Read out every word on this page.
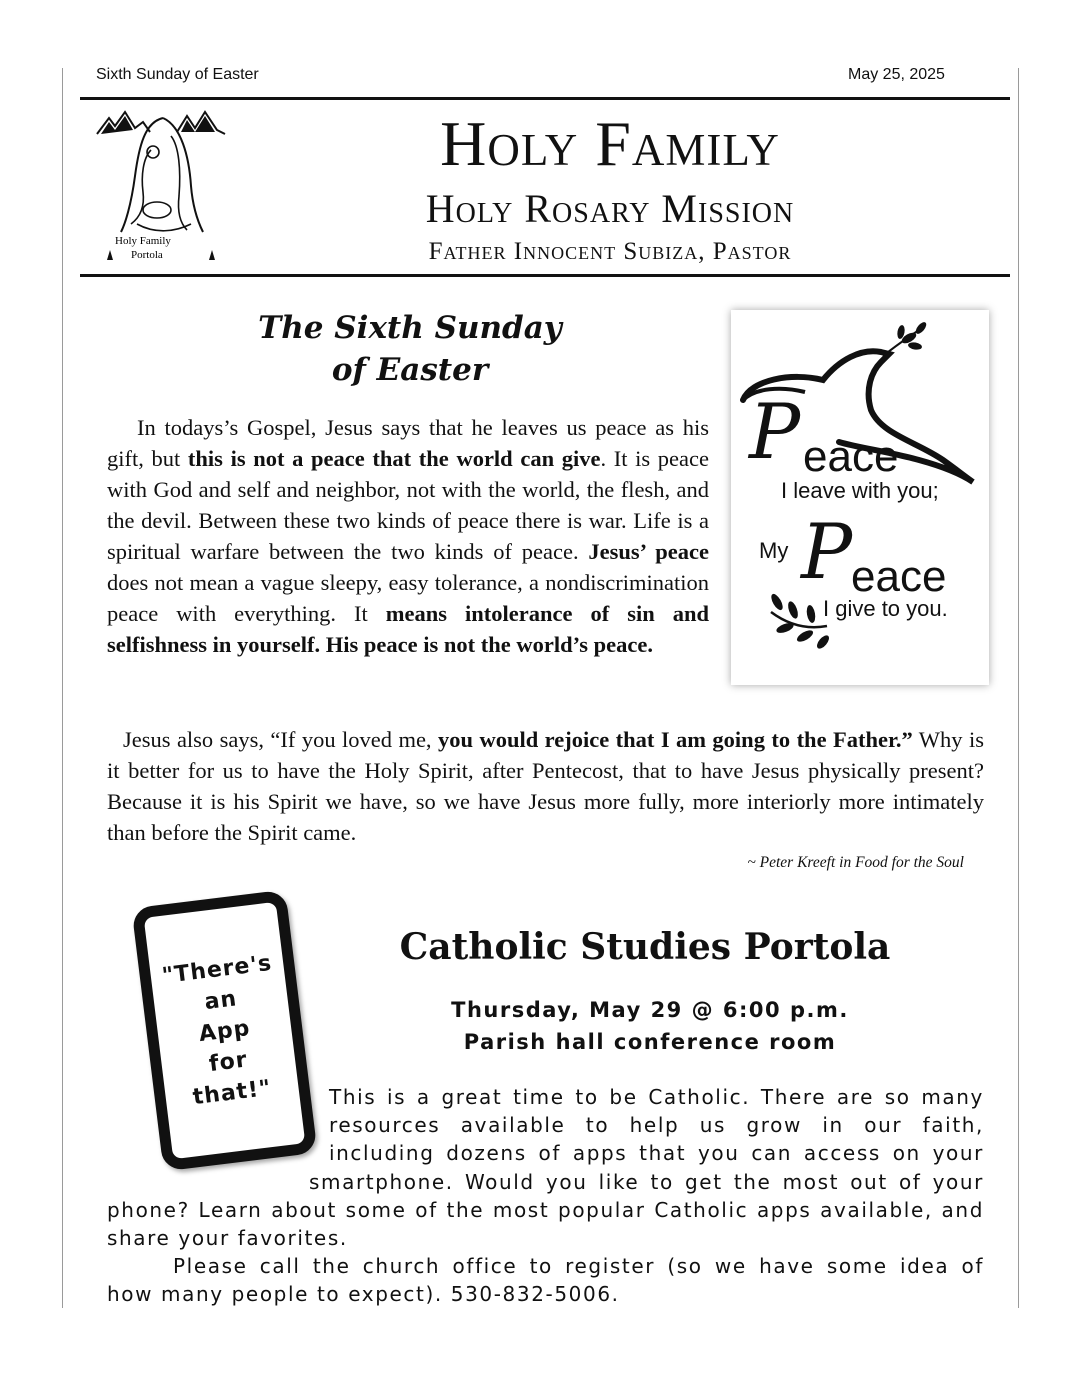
Sixth Sunday of Easter	May 25, 2025
Holy Family
Portola
Holy Family
Holy Rosary Mission
Father Innocent Subiza, Pastor
The Sixth Sunday
of Easter
In todays’s Gospel, Jesus says that he leaves us peace as his gift, but this is not a peace that the world can give. It is peace with God and self and neighbor, not with the world, the flesh, and the devil. Between these two kinds of peace there is war. Life is a spiritual warfare between the two kinds of peace. Jesus’ peace does not mean a vague sleepy, easy tolerance, a nondiscrimination peace with everything. It means intolerance of sin and selfishness in yourself. His peace is not the world’s peace.
Jesus also says, “If you loved me, you would rejoice that I am going to the Father.” Why is it better for us to have the Holy Spirit, after Pentecost, that to have Jesus physically present? Because it is his Spirit we have, so we have Jesus more fully, more interiorly more intimately than before the Spirit came.
~ Peter Kreeft in Food for the Soul
P eace
I leave with you;
My P
eace
I give to you.
"There's
an
App
for
that!"
Catholic Studies Portola
Thursday, May 29 @ 6:00 p.m.
Parish hall conference room
This is a great time to be Catholic. There are so many resources available to help us grow in our faith, including dozens of apps that you can access on your smartphone. Would you like to get the most out of your phone? Learn about some of the most popular Catholic apps available, and share your favorites.
Please call the church office to register (so we have some idea of how many people to expect). 530-832-5006.
